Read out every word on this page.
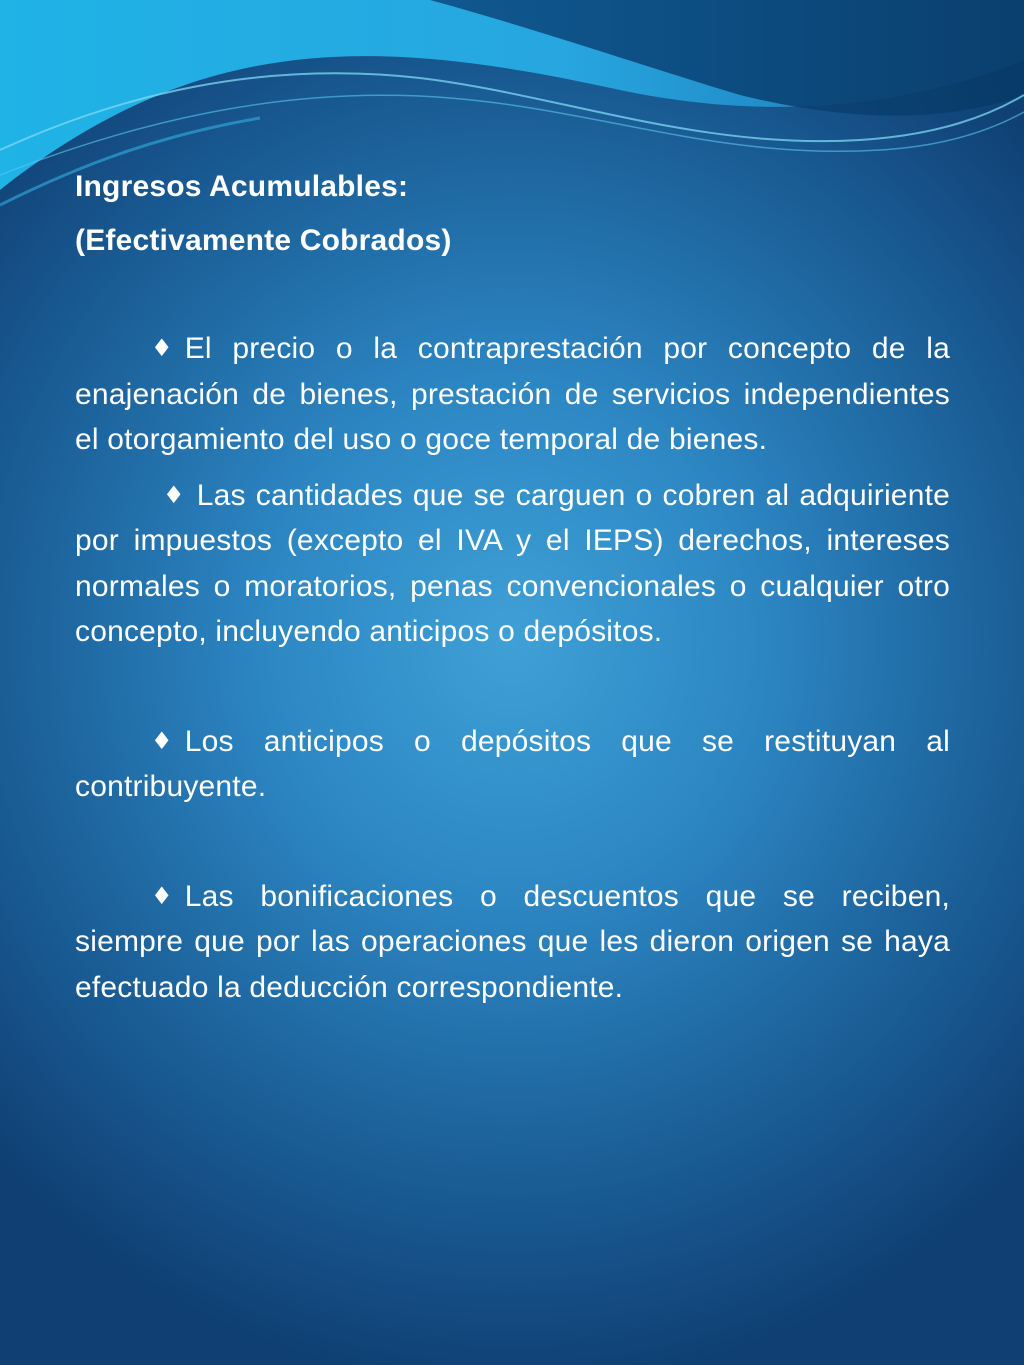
Ingresos Acumulables:

(Efectivamente Cobrados)

♦ El precio o la contraprestación por concepto de la enajenación de bienes, prestación de servicios independientes el otorgamiento del uso o goce temporal de bienes.

♦ Las cantidades que se carguen o cobren al adquiriente por impuestos (excepto el IVA y el IEPS) derechos, intereses normales o moratorios, penas convencionales o cualquier otro concepto, incluyendo anticipos o depósitos.

♦ Los anticipos o depósitos que se restituyan al contribuyente.

♦ Las bonificaciones o descuentos que se reciben, siempre que por las operaciones que les dieron origen se haya efectuado la deducción correspondiente.
